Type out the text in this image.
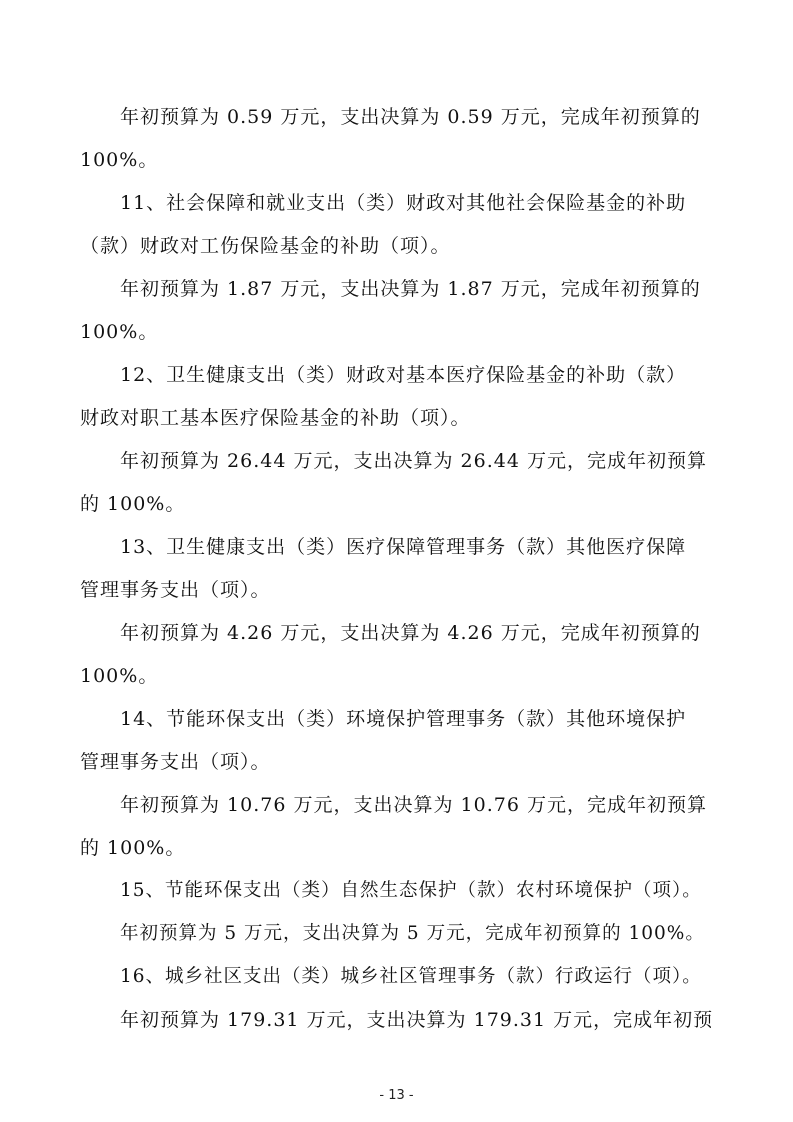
年初预算为 0.59 万元，支出决算为 0.59 万元，完成年初预算的
100%。
11、社会保障和就业支出（类）财政对其他社会保险基金的补助
（款）财政对工伤保险基金的补助（项）。
年初预算为 1.87 万元，支出决算为 1.87 万元，完成年初预算的
100%。
12、卫生健康支出（类）财政对基本医疗保险基金的补助（款）
财政对职工基本医疗保险基金的补助（项）。
年初预算为 26.44 万元，支出决算为 26.44 万元，完成年初预算
的 100%。
13、卫生健康支出（类）医疗保障管理事务（款）其他医疗保障
管理事务支出（项）。
年初预算为 4.26 万元，支出决算为 4.26 万元，完成年初预算的
100%。
14、节能环保支出（类）环境保护管理事务（款）其他环境保护
管理事务支出（项）。
年初预算为 10.76 万元，支出决算为 10.76 万元，完成年初预算
的 100%。
15、节能环保支出（类）自然生态保护（款）农村环境保护（项）。
年初预算为 5 万元，支出决算为 5 万元，完成年初预算的 100%。
16、城乡社区支出（类）城乡社区管理事务（款）行政运行（项）。
年初预算为 179.31 万元，支出决算为 179.31 万元，完成年初预
- 13 -
